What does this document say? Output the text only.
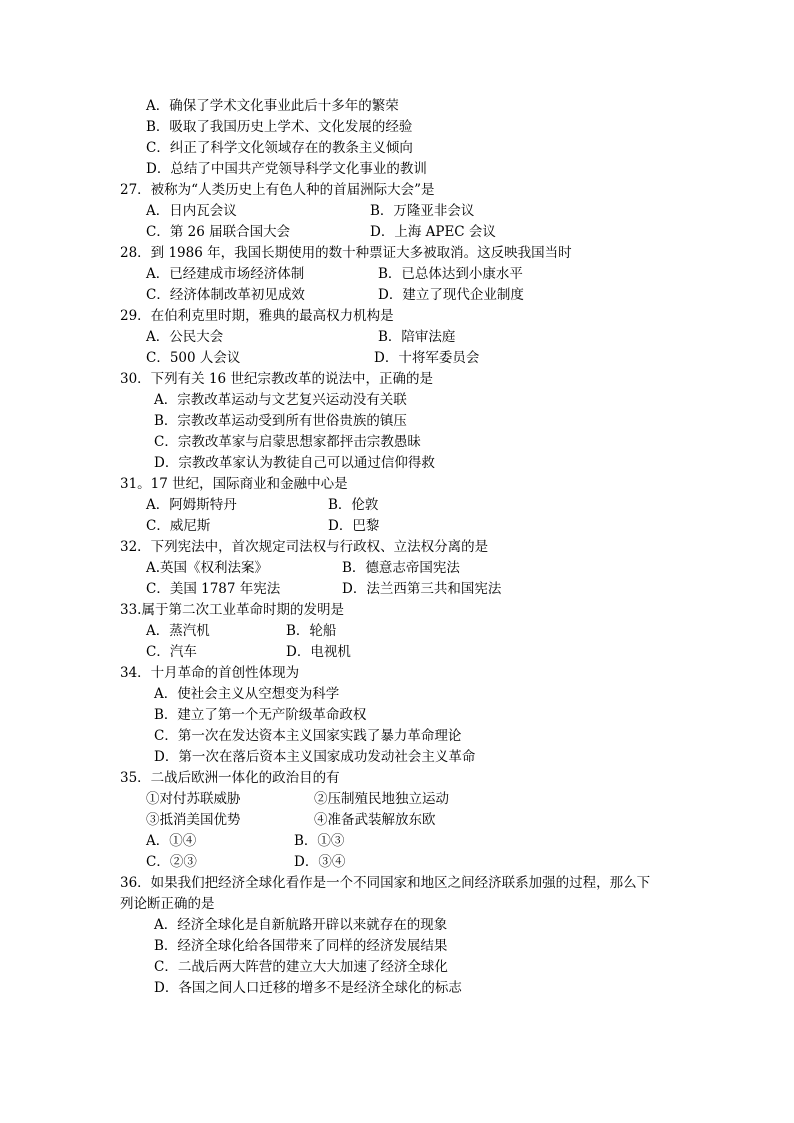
A．确保了学术文化事业此后十多年的繁荣
B．吸取了我国历史上学术、文化发展的经验
C．纠正了科学文化领域存在的教条主义倾向
D．总结了中国共产党领导科学文化事业的教训
27．被称为“人类历史上有色人种的首届洲际大会”是
A．日内瓦会议	B．万隆亚非会议
C．第 26 届联合国大会	D．上海 APEC 会议
28．到 1986 年，我国长期使用的数十种票证大多被取消。这反映我国当时
A．已经建成市场经济体制	B．已总体达到小康水平
C．经济体制改革初见成效	D．建立了现代企业制度
29．在伯利克里时期，雅典的最高权力机构是
A．公民大会	B．陪审法庭
C．500 人会议	D．十将军委员会
30．下列有关 16 世纪宗教改革的说法中，正确的是
A．宗教改革运动与文艺复兴运动没有关联
B．宗教改革运动受到所有世俗贵族的镇压
C．宗教改革家与启蒙思想家都抨击宗教愚昧
D．宗教改革家认为教徒自己可以通过信仰得救
31。17 世纪，国际商业和金融中心是
A．阿姆斯特丹	B．伦敦
C．威尼斯	D．巴黎
32．下列宪法中，首次规定司法权与行政权、立法权分离的是
A.英国《权利法案》	B．德意志帝国宪法
C．美国 1787 年宪法	D．法兰西第三共和国宪法
33.属于第二次工业革命时期的发明是
A．蒸汽机	B．轮船
C．汽车	D．电视机
34．十月革命的首创性体现为
A．使社会主义从空想变为科学
B．建立了第一个无产阶级革命政权
C．第一次在发达资本主义国家实践了暴力革命理论
D．第一次在落后资本主义国家成功发动社会主义革命
35．二战后欧洲一体化的政治目的有
①对付苏联威胁	②压制殖民地独立运动
③抵消美国优势	④准备武装解放东欧
A．①④	B．①③
C．②③	D．③④
36．如果我们把经济全球化看作是一个不同国家和地区之间经济联系加强的过程，那么下
列论断正确的是
A．经济全球化是自新航路开辟以来就存在的现象
B．经济全球化给各国带来了同样的经济发展结果
C．二战后两大阵营的建立大大加速了经济全球化
D．各国之间人口迁移的增多不是经济全球化的标志
